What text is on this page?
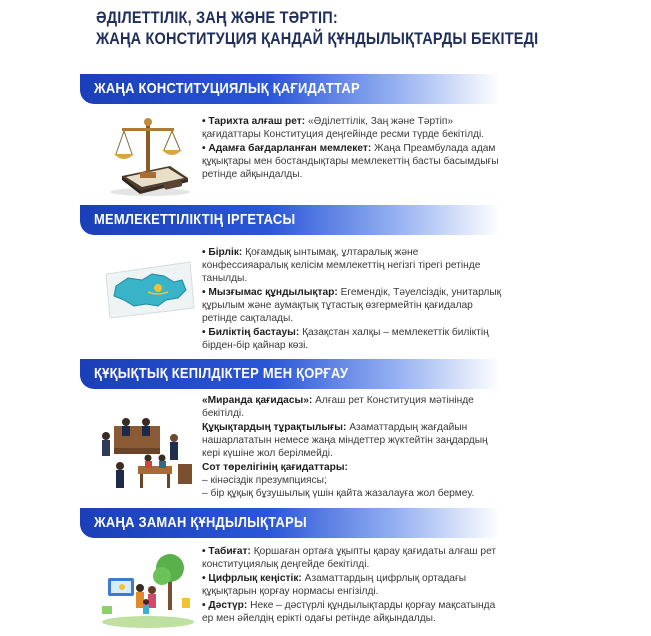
ӘДІЛЕТТІЛІК, ЗАҢ ЖӘНЕ ТӘРТІП:
ЖАҢА КОНСТИТУЦИЯ ҚАНДАЙ ҚҰНДЫЛЫҚТАРДЫ БЕКІТЕДІ
ЖАҢА КОНСТИТУЦИЯЛЫҚ ҚАҒИДАТТАР

• Тарихта алғаш рет: «Әділеттілік, Заң және Тәртіп» қағидаттары Конституция деңгейінде ресми түрде бекітілді.

• Адамға бағдарланған мемлекет: Жаңа Преамбулада адам құқықтары мен бостандықтары мемлекеттің басты басымдығы ретінде айқындалды.

МЕМЛЕКЕТТІЛІКТІҢ ІРГЕТАСЫ

• Бірлік: Қоғамдық ынтымақ, ұлтаралық және конфессияаралық келісім мемлекеттің негізгі тірегі ретінде танылды.

• Мызғымас құндылықтар: Егемендік, Тәуелсіздік, унитарлық құрылым және аумақтық тұтастық өзгермейтін қағидалар ретінде сақталады.

• Биліктің бастауы: Қазақстан халқы – мемлекеттік биліктің бірден-бір қайнар көзі.

ҚҰҚЫҚТЫҚ КЕПІЛДІКТЕР МЕН ҚОРҒАУ

«Миранда қағидасы»: Алғаш рет Конституция мәтінінде бекітілді.

Құқықтардың тұрақтылығы: Азаматтардың жағдайын нашарлататын немесе жаңа міндеттер жүктейтін заңдардың кері күшіне жол берілмейді.

Сот төрелігінің қағидаттары:

– кінәсіздік презумпциясы;

– бір құқық бұзушылық үшін қайта жазалауға жол бермеу.

ЖАҢА ЗАМАН ҚҰНДЫЛЫҚТАРЫ

• Табиғат: Қоршаған ортаға ұқыпты қарау қағидаты алғаш рет конституциялық деңгейде бекітілді.

• Цифрлық кеңістік: Азаматтардың цифрлық ортадағы құқықтарын қорғау нормасы енгізілді.

• Дәстүр: Неке – дәстүрлі құндылықтарды қорғау мақсатында ер мен әйелдің ерікті одағы ретінде айқындалды.
